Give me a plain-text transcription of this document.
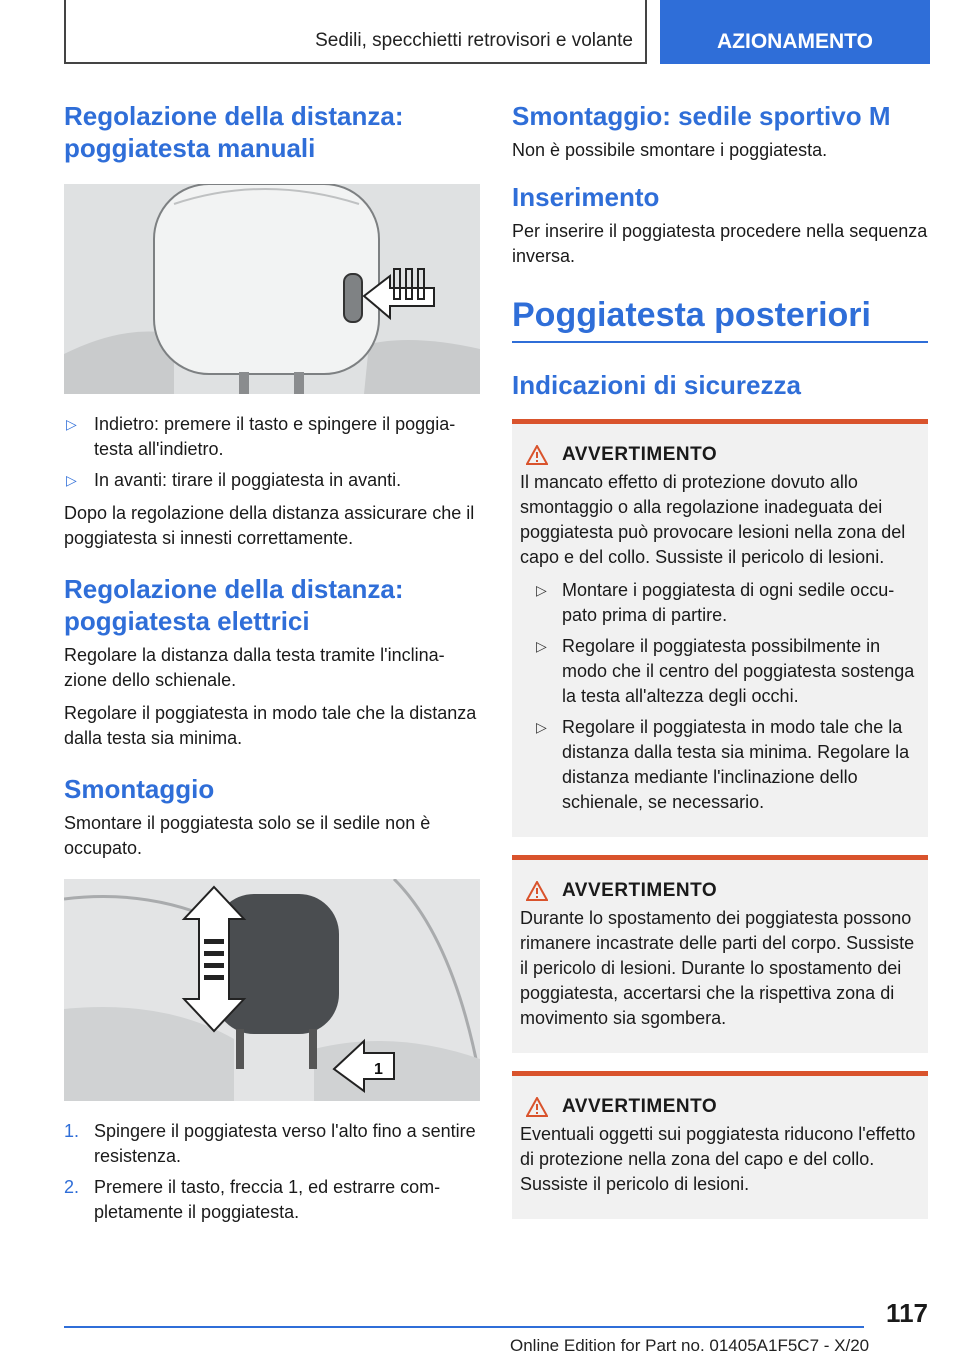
Sedili, specchietti retrovisori e volante	AZIONAMENTO
Regolazione della distanza: poggiatesta manuali
▷ Indietro: premere il tasto e spingere il poggiatesta all'indietro.
▷ In avanti: tirare il poggiatesta in avanti.

Dopo la regolazione della distanza assicurare che il poggiatesta si innesti correttamente.

Regolazione della distanza: poggiatesta elettrici

Regolare la distanza dalla testa tramite l'inclinazione dello schienale.

Regolare il poggiatesta in modo tale che la distanza dalla testa sia minima.

Smontaggio

Smontare il poggiatesta solo se il sedile non è occupato.

1
1. Spingere il poggiatesta verso l'alto fino a sentire resistenza.
2. Premere il tasto, freccia 1, ed estrarre completamente il poggiatesta.
Smontaggio: sedile sportivo M

Non è possibile smontare i poggiatesta.

Inserimento

Per inserire il poggiatesta procedere nella sequenza inversa.

Poggiatesta posteriori
Indicazioni di sicurezza
AVVERTIMENTO

Il mancato effetto di protezione dovuto allo smontaggio o alla regolazione inadeguata dei poggiatesta può provocare lesioni nella zona del capo e del collo. Sussiste il pericolo di lesioni.

▷ Montare i poggiatesta di ogni sedile occupato prima di partire.
▷ Regolare il poggiatesta possibilmente in modo che il centro del poggiatesta sostenga la testa all'altezza degli occhi.
▷ Regolare il poggiatesta in modo tale che la distanza dalla testa sia minima. Regolare la distanza mediante l'inclinazione dello schienale, se necessario.
AVVERTIMENTO

Durante lo spostamento dei poggiatesta possono rimanere incastrate delle parti del corpo. Sussiste il pericolo di lesioni. Durante lo spostamento dei poggiatesta, accertarsi che la rispettiva zona di movimento sia sgombera.

AVVERTIMENTO

Eventuali oggetti sui poggiatesta riducono l'effetto di protezione nella zona del capo e del collo. Sussiste il pericolo di lesioni.

117
Online Edition for Part no. 01405A1F5C7 - X/20
